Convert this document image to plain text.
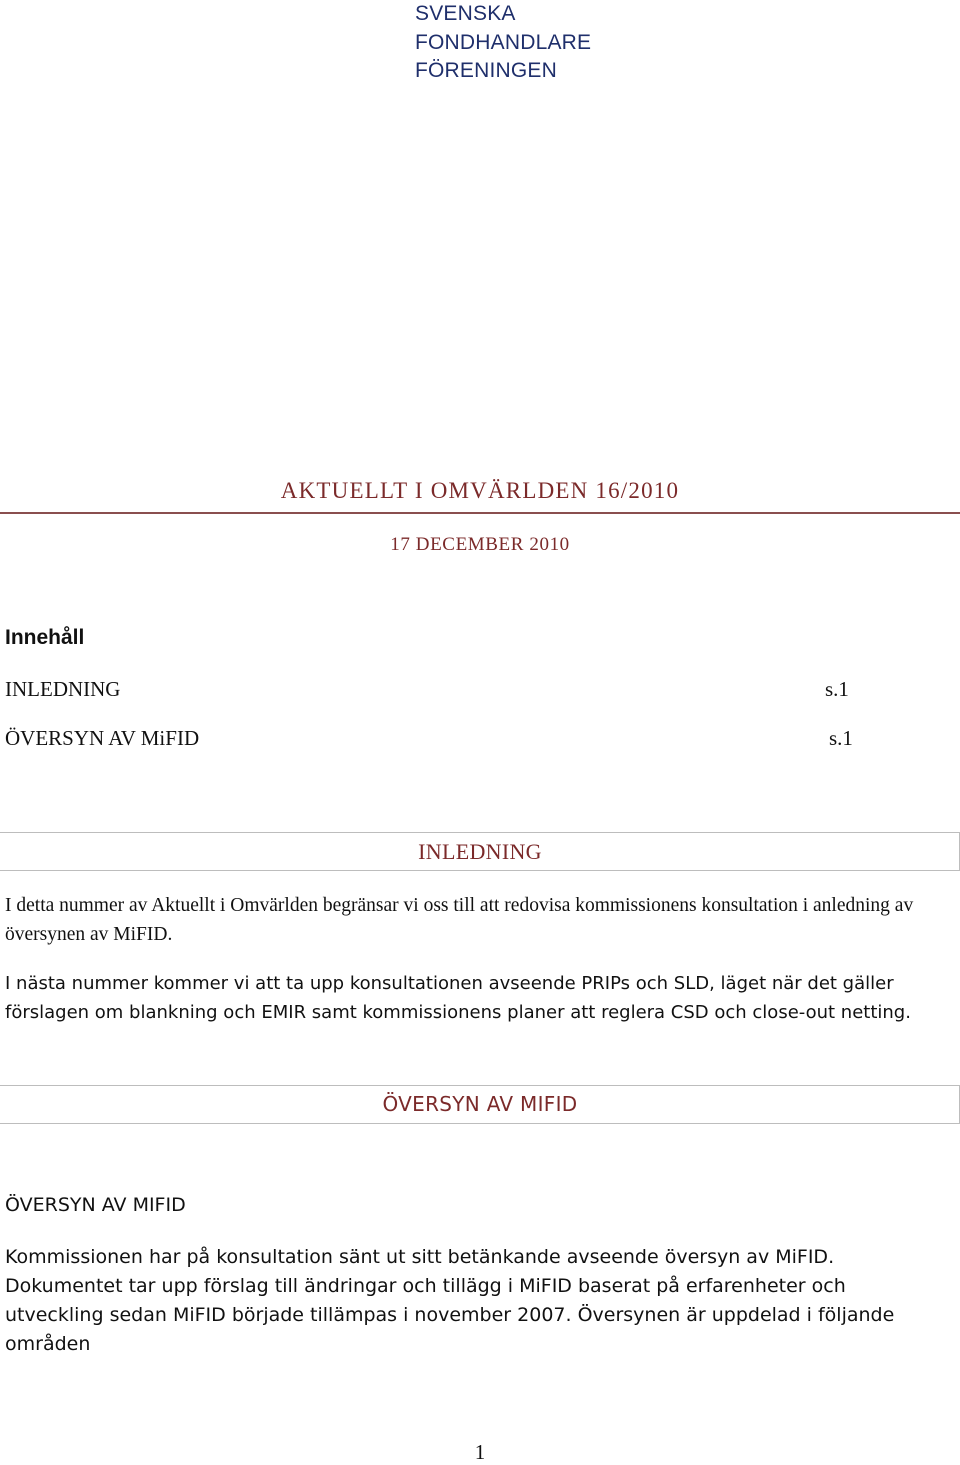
SVENSKA
FONDHANDLARE
FÖRENINGEN
AKTUELLT I OMVÄRLDEN 16/2010
17 DECEMBER 2010
Innehåll
INLEDNING	s.1
ÖVERSYN AV MiFID	s.1
INLEDNING
I detta nummer av Aktuellt i Omvärlden begränsar vi oss till att redovisa kommissionens konsultation i anledning av översynen av MiFID.
I nästa nummer kommer vi att ta upp konsultationen avseende PRIPs och SLD, läget när det gäller förslagen om blankning och EMIR samt kommissionens planer att reglera CSD och close-out netting.
ÖVERSYN AV MIFID
ÖVERSYN AV MIFID
Kommissionen har på konsultation sänt ut sitt betänkande avseende översyn av MiFID. Dokumentet tar upp förslag till ändringar och tillägg i MiFID baserat på erfarenheter och utveckling sedan MiFID började tillämpas i november 2007. Översynen är uppdelad i följande områden
1
